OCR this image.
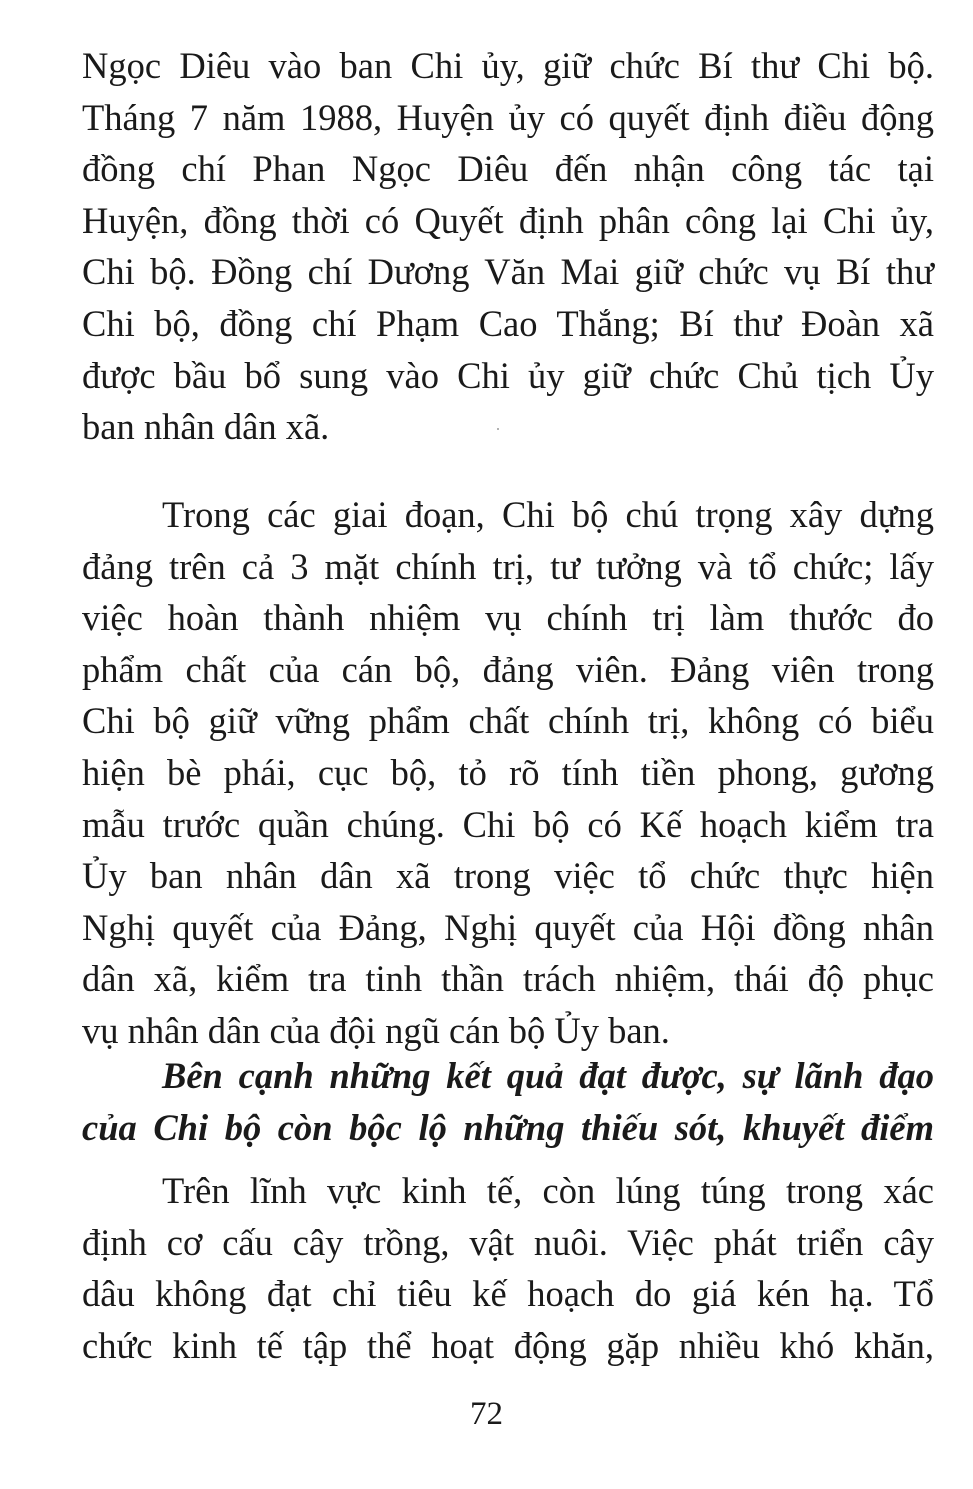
Ngọc Diêu vào ban Chi ủy, giữ chức Bí thư Chi bộ.
Tháng 7 năm 1988, Huyện ủy có quyết định điều động
đồng chí Phan Ngọc Diêu đến nhận công tác tại
Huyện, đồng thời có Quyết định phân công lại Chi ủy,
Chi bộ. Đồng chí Dương Văn Mai giữ chức vụ Bí thư
Chi bộ, đồng chí Phạm Cao Thắng; Bí thư Đoàn xã
được bầu bổ sung vào Chi ủy giữ chức Chủ tịch Ủy
ban nhân dân xã.
Trong các giai đoạn, Chi bộ chú trọng xây dựng
đảng trên cả 3 mặt chính trị, tư tưởng và tổ chức; lấy
việc hoàn thành nhiệm vụ chính trị làm thước đo
phẩm chất của cán bộ, đảng viên. Đảng viên trong
Chi bộ giữ vững phẩm chất chính trị, không có biểu
hiện bè phái, cục bộ, tỏ rõ tính tiền phong, gương
mẫu trước quần chúng. Chi bộ có Kế hoạch kiểm tra
Ủy ban nhân dân xã trong việc tổ chức thực hiện
Nghị quyết của Đảng, Nghị quyết của Hội đồng nhân
dân xã, kiểm tra tinh thần trách nhiệm, thái độ phục
vụ nhân dân của đội ngũ cán bộ Ủy ban.
Bên cạnh những kết quả đạt được, sự lãnh đạo
của Chi bộ còn bộc lộ những thiếu sót, khuyết điểm
Trên lĩnh vực kinh tế, còn lúng túng trong xác
định cơ cấu cây trồng, vật nuôi. Việc phát triển cây
dâu không đạt chỉ tiêu kế hoạch do giá kén hạ. Tổ
chức kinh tế tập thể hoạt động gặp nhiều khó khăn,
72
